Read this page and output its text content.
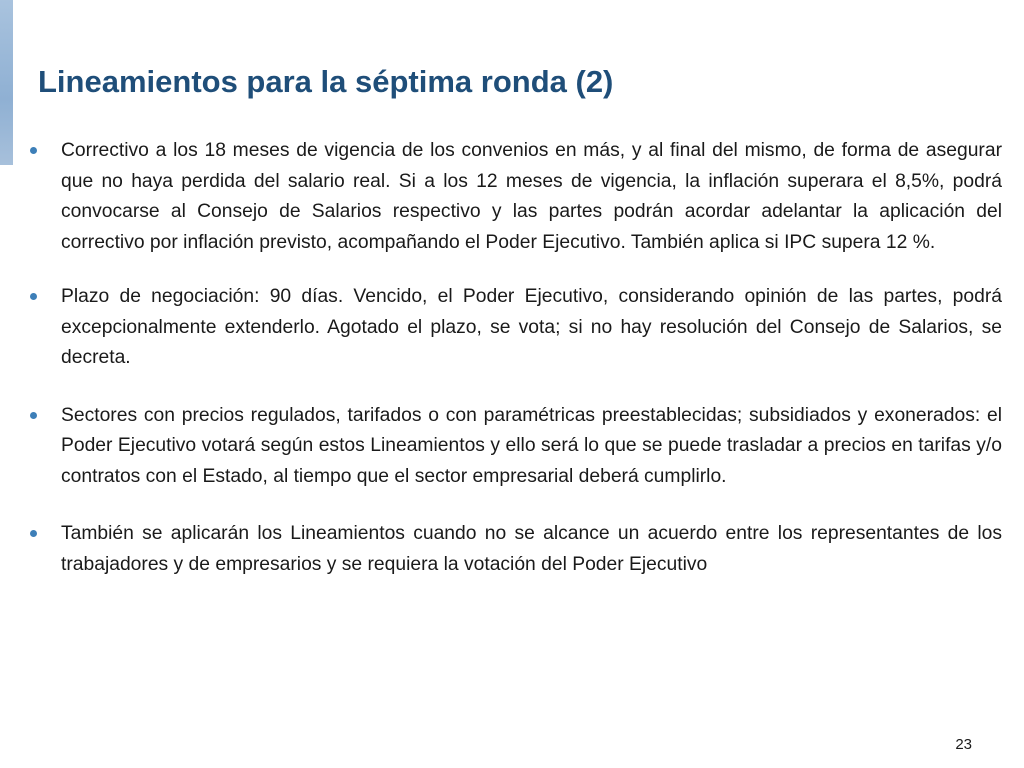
Lineamientos para la séptima ronda (2)
Correctivo a los 18 meses de vigencia de los convenios en más, y al final del mismo, de forma de asegurar que no haya perdida del salario real. Si a los 12 meses de vigencia, la inflación superara el 8,5%, podrá convocarse al Consejo de Salarios respectivo y las partes podrán acordar adelantar la aplicación del correctivo por inflación previsto, acompañando el Poder Ejecutivo. También aplica si IPC supera 12 %.
Plazo de negociación: 90 días. Vencido, el Poder Ejecutivo, considerando opinión de las partes, podrá excepcionalmente extenderlo. Agotado el plazo, se vota; si no hay resolución del Consejo de Salarios, se decreta.
Sectores con precios regulados, tarifados o con paramétricas preestablecidas; subsidiados y exonerados: el Poder Ejecutivo votará según estos Lineamientos y ello será lo que se puede trasladar a precios en tarifas y/o contratos con el Estado, al tiempo que el sector empresarial deberá cumplirlo.
También se aplicarán los Lineamientos cuando no se alcance un acuerdo entre los representantes de los trabajadores y de empresarios y se requiera la votación del Poder Ejecutivo
23
